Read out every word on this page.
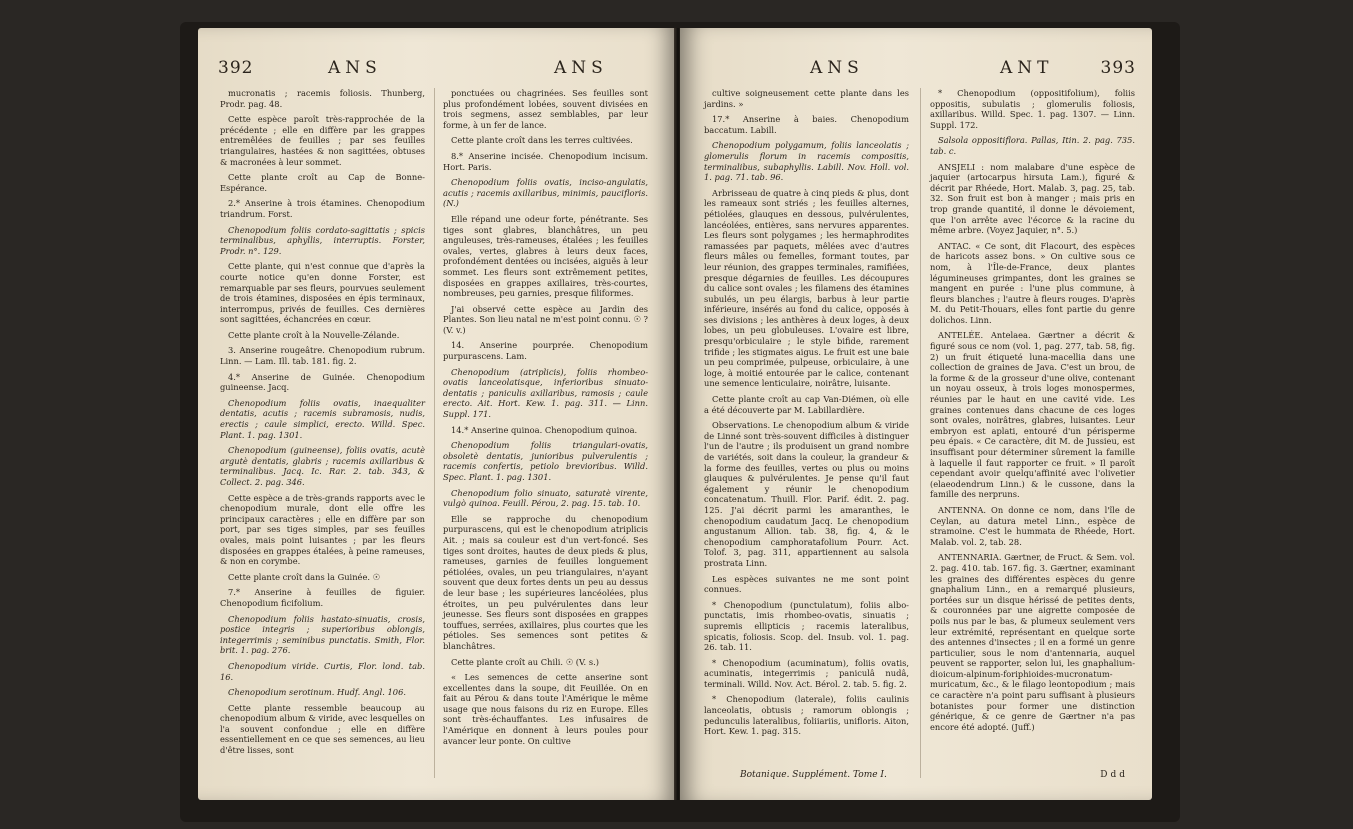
392	ANS	ANS

mucronatis ; racemis foliosis. Thunberg, Prodr. pag. 48.

Cette espèce paroît très-rapprochée de la précédente ; elle en diffère par les grappes entremêlées de feuilles ; par ses feuilles triangulaires, hastées & non sagittées, obtuses & macronées à leur sommet.

Cette plante croît au Cap de Bonne-Espérance.

2.* Anserine à trois étamines. Chenopodium triandrum. Forst.

Chenopodium foliis cordato-sagittatis ; spicis terminalibus, aphyllis, interruptis. Forster, Prodr. n°. 129.

Cette plante, qui n'est connue que d'après la courte notice qu'en donne Forster, est remarquable par ses fleurs, pourvues seulement de trois étamines, disposées en épis terminaux, interrompus, privés de feuilles. Ces dernières sont sagittées, échancrées en cœur.

Cette plante croît à la Nouvelle-Zélande.

3. Anserine rougeâtre. Chenopodium rubrum. Linn. — Lam. Ill. tab. 181. fig. 2.

4.* Anserine de Guinée. Chenopodium guineense. Jacq.

Chenopodium foliis ovatis, inaequaliter dentatis, acutis ; racemis subramosis, nudis, erectis ; caule simplici, erecto. Willd. Spec. Plant. 1. pag. 1301.

Chenopodium (guineense), foliis ovatis, acutè argutè dentatis, glabris ; racemis axillaribus & terminalibus. Jacq. Ic. Rar. 2. tab. 343, & Collect. 2. pag. 346.

Cette espèce a de très-grands rapports avec le chenopodium murale, dont elle offre les principaux caractères ; elle en diffère par son port, par ses tiges simples, par ses feuilles ovales, mais point luisantes ; par les fleurs disposées en grappes étalées, à peine rameuses, & non en corymbe.

Cette plante croît dans la Guinée. ☉

7.* Anserine à feuilles de figuier. Chenopodium ficifolium.

Chenopodium foliis hastato-sinuatis, crosis, postice integris ; superioribus oblongis, integerrimis ; seminibus punctatis. Smith, Flor. brit. 1. pag. 276.

Chenopodium viride. Curtis, Flor. lond. tab. 16.

Chenopodium serotinum. Hudf. Angl. 106.

Cette plante ressemble beaucoup au chenopodium album & viride, avec lesquelles on l'a souvent confondue ; elle en diffère essentiellement en ce que ses semences, au lieu d'être lisses, sont

ponctuées ou chagrinées. Ses feuilles sont plus profondément lobées, souvent divisées en trois segmens, assez semblables, par leur forme, à un fer de lance.

Cette plante croît dans les terres cultivées.

8.* Anserine incisée. Chenopodium incisum. Hort. Paris.

Chenopodium foliis ovatis, inciso-angulatis, acutis ; racemis axillaribus, minimis, paucifloris. (N.)

Elle répand une odeur forte, pénétrante. Ses tiges sont glabres, blanchâtres, un peu anguleuses, très-rameuses, étalées ; les feuilles ovales, vertes, glabres à leurs deux faces, profondément dentées ou incisées, aiguës à leur sommet. Les fleurs sont extrêmement petites, disposées en grappes axillaires, très-courtes, nombreuses, peu garnies, presque filiformes.

J'ai observé cette espèce au Jardin des Plantes. Son lieu natal ne m'est point connu. ☉ ? (V. v.)

14. Anserine pourprée. Chenopodium purpurascens. Lam.

Chenopodium (atriplicis), foliis rhombeo-ovatis lanceolatisque, inferioribus sinuato-dentatis ; paniculis axillaribus, ramosis ; caule erecto. Ait. Hort. Kew. 1. pag. 311. — Linn. Suppl. 171.

14.* Anserine quinoa. Chenopodium quinoa.

Chenopodium foliis triangulari-ovatis, obsoletè dentatis, junioribus pulverulentis ; racemis confertis, petiolo brevioribus. Willd. Spec. Plant. 1. pag. 1301.

Chenopodium folio sinuato, saturatè virente, vulgò quinoa. Feuill. Pérou, 2. pag. 15. tab. 10.

Elle se rapproche du chenopodium purpurascens, qui est le chenopodium atriplicis Ait. ; mais sa couleur est d'un vert-foncé. Ses tiges sont droites, hautes de deux pieds & plus, rameuses, garnies de feuilles longuement pétiolées, ovales, un peu triangulaires, n'ayant souvent que deux fortes dents un peu au dessus de leur base ; les supérieures lancéolées, plus étroites, un peu pulvérulentes dans leur jeunesse. Ses fleurs sont disposées en grappes touffues, serrées, axillaires, plus courtes que les pétioles. Ses semences sont petites & blanchâtres.

Cette plante croît au Chili. ☉ (V. s.)

« Les semences de cette anserine sont excellentes dans la soupe, dit Feuillée. On en fait au Pérou & dans toute l'Amérique le même usage que nous faisons du riz en Europe. Elles sont très-échauffantes. Les infusaires de l'Amérique en donnent à leurs poules pour avancer leur ponte. On cultive

ANS	ANT	393

cultive soigneusement cette plante dans les jardins. »

17.* Anserine à baies. Chenopodium baccatum. Labill.

Chenopodium polygamum, foliis lanceolatis ; glomerulis florum in racemis compositis, terminalibus, subaphyllis. Labill. Nov. Holl. vol. 1. pag. 71. tab. 96.

Arbrisseau de quatre à cinq pieds & plus, dont les rameaux sont striés ; les feuilles alternes, pétiolées, glauques en dessous, pulvérulentes, lancéolées, entières, sans nervures apparentes. Les fleurs sont polygames ; les hermaphrodites ramassées par paquets, mêlées avec d'autres fleurs mâles ou femelles, formant toutes, par leur réunion, des grappes terminales, ramifiées, presque dégarnies de feuilles. Les découpures du calice sont ovales ; les filamens des étamines subulés, un peu élargis, barbus à leur partie inférieure, insérés au fond du calice, opposés à ses divisions ; les anthères à deux loges, à deux lobes, un peu globuleuses. L'ovaire est libre, presqu'orbiculaire ; le style bifide, rarement trifide ; les stigmates aigus. Le fruit est une baie un peu comprimée, pulpeuse, orbiculaire, à une loge, à moitié entourée par le calice, contenant une semence lenticulaire, noirâtre, luisante.

Cette plante croît au cap Van-Diémen, où elle a été découverte par M. Labillardière.

Observations. Le chenopodium album & viride de Linné sont très-souvent difficiles à distinguer l'un de l'autre ; ils produisent un grand nombre de variétés, soit dans la couleur, la grandeur & la forme des feuilles, vertes ou plus ou moins glauques & pulvérulentes. Je pense qu'il faut également y réunir le chenopodium concatenatum. Thuill. Flor. Parif. édit. 2. pag. 125. J'ai décrit parmi les amaranthes, le chenopodium caudatum Jacq. Le chenopodium angustanum Allion. tab. 38, fig. 4, & le chenopodium camphoratafolium Pourr. Act. Tolof. 3, pag. 311, appartiennent au salsola prostrata Linn.

Les espèces suivantes ne me sont point connues.

* Chenopodium (punctulatum), foliis albo-punctatis, imis rhombeo-ovatis, sinuatis ; supremis ellipticis ; racemis lateralibus, spicatis, foliosis. Scop. del. Insub. vol. 1. pag. 26. tab. 11.

* Chenopodium (acuminatum), foliis ovatis, acuminatis, integerrimis ; paniculâ nudâ, terminali. Willd. Nov. Act. Bérol. 2. tab. 5. fig. 2.

* Chenopodium (laterale), foliis caulinis lanceolatis, obtusis ; ramorum oblongis ; pedunculis lateralibus, foliiariis, unifloris. Aiton, Hort. Kew. 1. pag. 315.

* Chenopodium (oppositifolium), foliis oppositis, subulatis ; glomerulis foliosis, axillaribus. Willd. Spec. 1. pag. 1307. — Linn. Suppl. 172.

Salsola oppositiflora. Pallas, Itin. 2. pag. 735. tab. c.

ANSJELI : nom malabare d'une espèce de jaquier (artocarpus hirsuta Lam.), figuré & décrit par Rhéede, Hort. Malab. 3, pag. 25, tab. 32. Son fruit est bon à manger ; mais pris en trop grande quantité, il donne le dévoiement, que l'on arrête avec l'écorce & la racine du même arbre. (Voyez Jaquier, n°. 5.)

ANTAC. « Ce sont, dit Flacourt, des espèces de haricots assez bons. » On cultive sous ce nom, à l'Île-de-France, deux plantes légumineuses grimpantes, dont les graines se mangent en purée : l'une plus commune, à fleurs blanches ; l'autre à fleurs rouges. D'après M. du Petit-Thouars, elles font partie du genre dolichos. Linn.

ANTELÉE. Antelaea. Gærtner a décrit & figuré sous ce nom (vol. 1, pag. 277, tab. 58, fig. 2) un fruit étiqueté luna-macellia dans une collection de graines de Java. C'est un brou, de la forme & de la grosseur d'une olive, contenant un noyau osseux, à trois loges monospermes, réunies par le haut en une cavité vide. Les graines contenues dans chacune de ces loges sont ovales, noirâtres, glabres, luisantes. Leur embryon est aplati, entouré d'un périsperme peu épais. « Ce caractère, dit M. de Jussieu, est insuffisant pour déterminer sûrement la famille à laquelle il faut rapporter ce fruit. » Il paroît cependant avoir quelqu'affinité avec l'olivetier (elaeodendrum Linn.) & le cussone, dans la famille des nerpruns.

ANTENNA. On donne ce nom, dans l'île de Ceylan, au datura metel Linn., espèce de stramoine. C'est le hummata de Rhéede, Hort. Malab. vol. 2, tab. 28.

ANTENNARIA. Gærtner, de Fruct. & Sem. vol. 2. pag. 410. tab. 167. fig. 3. Gærtner, examinant les graines des différentes espèces du genre gnaphalium Linn., en a remarqué plusieurs, portées sur un disque hérissé de petites dents, & couronnées par une aigrette composée de poils nus par le bas, & plumeux seulement vers leur extrémité, représentant en quelque sorte des antennes d'insectes ; il en a formé un genre particulier, sous le nom d'antennaria, auquel peuvent se rapporter, selon lui, les gnaphalium-dioicum-alpinum-foriphioides-mucronatum-muricatum, &c., & le filago leontopodium ; mais ce caractère n'a point paru suffisant à plusieurs botanistes pour former une distinction générique, & ce genre de Gærtner n'a pas encore été adopté. (Juff.)

Botanique. Supplément. Tome I.	Ddd
